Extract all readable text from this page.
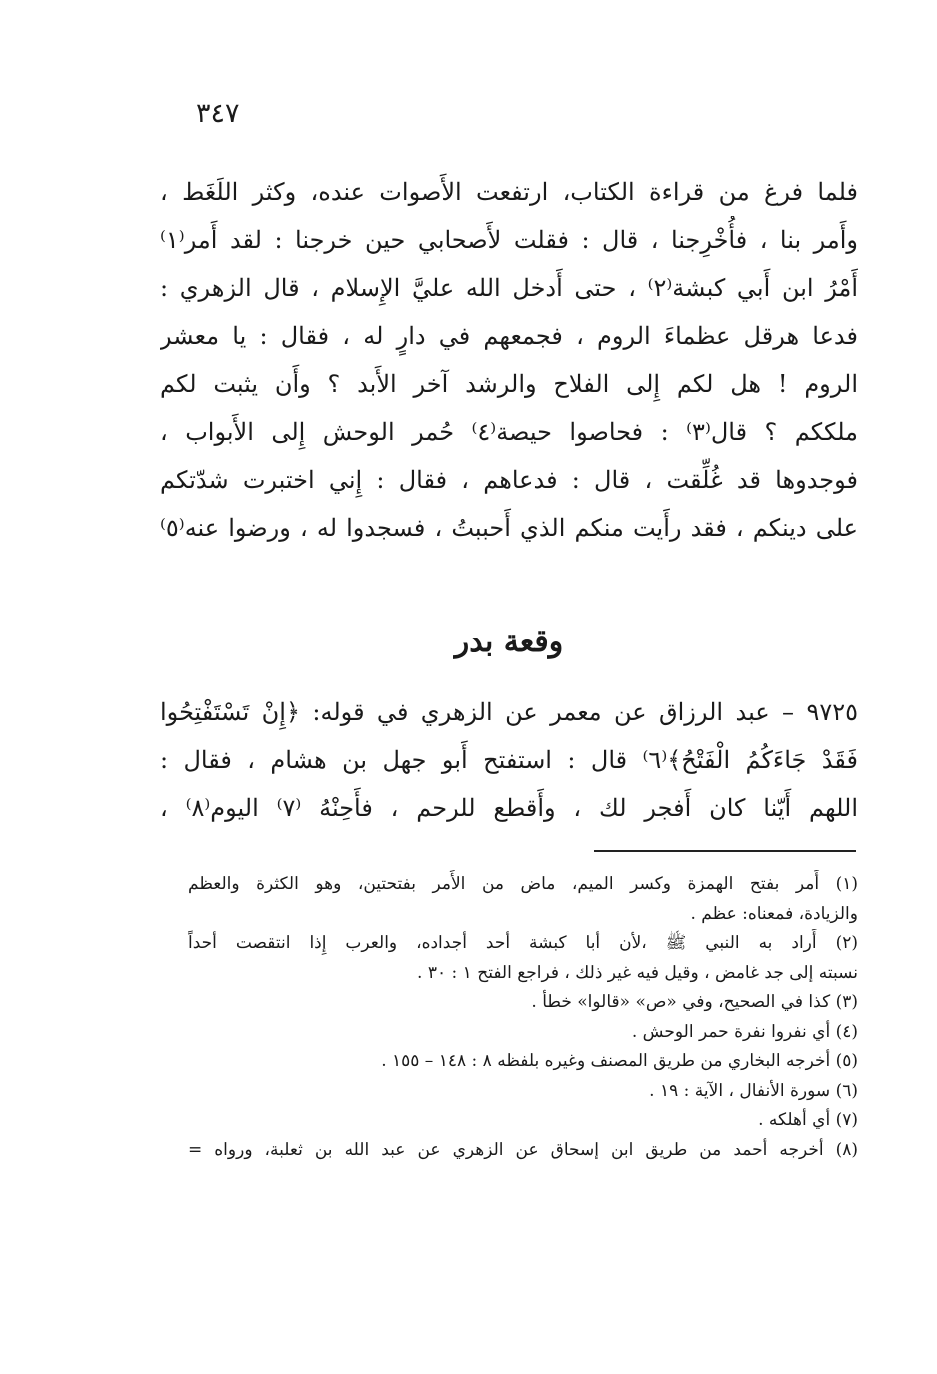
٣٤٧
فلما فرغ من قراءة الكتاب، ارتفعت الأَصوات عنده، وكثر اللَغَط ،
وأَمر بنا ، فأُخْرِجنا ، قال : فقلت لأَصحابي حين خرجنا : لقد أَمر⁽١⁾
أَمْرُ ابن أَبي كبشة⁽٢⁾ ، حتى أَدخل الله عليَّ الإِسلام ، قال الزهري :
فدعا هرقل عظماءَ الروم ، فجمعهم في دارٍ له ، فقال : يا معشر
الروم ! هل لكم إِلى الفلاح والرشد آخر الأَبد ؟ وأَن يثبت لكم
ملككم ؟ قال⁽٣⁾ : فحاصوا حيصة⁽٤⁾ حُمر الوحش إِلى الأَبواب ،
فوجدوها قد غُلِّقت ، قال : فدعاهم ، فقال : إِني اختبرت شدّتكم
على دينكم ، فقد رأَيت منكم الذي أَحببتُ ، فسجدوا له ، ورضوا عنه⁽٥⁾
وقعة بدر
٩٧٢٥ – عبد الرزاق عن معمر عن الزهري في قوله: ﴿إِنْ تَسْتَفْتِحُوا
فَقَدْ جَاءَكُمُ الْفَتْحُ﴾⁽٦⁾ قال : استفتح أَبو جهل بن هشام ، فقال :
اللهم أَيّنا كان أَفجر لك ، وأَقطع للرحم ، فأَحِنْهُ ⁽٧⁾ اليوم⁽٨⁾ ،
(١) أَمر بفتح الهمزة وكسر الميم، ماض من الأَمر بفتحتين، وهو الكثرة والعظم
والزيادة، فمعناه: عظم .
(٢) أَراد به النبي ﷺ ،لأن أبا كبشة أحد أجداده، والعرب إِذا انتقصت أحداً
نسبته إلى جد غامض ، وقيل فيه غير ذلك ، فراجع الفتح ١ : ٣٠ .
(٣) كذا في الصحيح، وفي «ص» «قالوا» خطأ .
(٤) أي نفروا نفرة حمر الوحش .
(٥) أخرجه البخاري من طريق المصنف وغيره بلفظه ٨ : ١٤٨ – ١٥٥ .
(٦) سورة الأنفال ، الآية : ١٩ .
(٧) أي أهلكه .
(٨) أخرجه أحمد من طريق ابن إسحاق عن الزهري عن عبد الله بن ثعلبة، ورواه =
